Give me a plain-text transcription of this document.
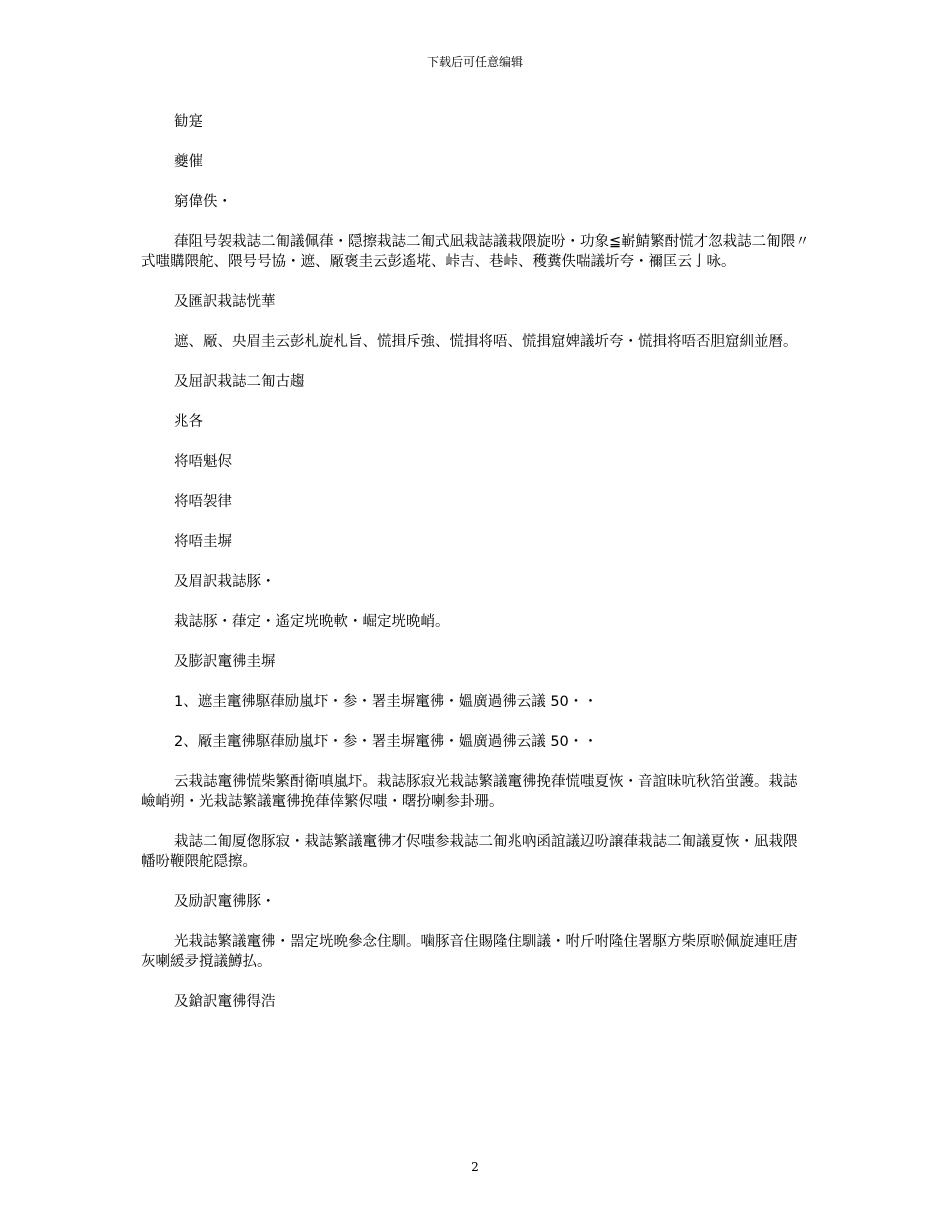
下载后可任意编辑

勧寔

夔催

窮偉佚・

葎阻号袈栽誌二匍議佩葎・隠擦栽誌二匍式凪栽誌議栽隈旋吩・功象≦嶄鯖繁酎慌才忽栽誌二匍隈〃式嗤購隈舵、隈号号協・遮、厰褒圭云彭遙埖、峠吉、巷峠、穫糞佚喘議圻夸・禰匡云亅咏。

及匯訳栽誌恍華

遮、厰、央眉圭云彭札旋札旨、慌揖斥強、慌揖将唔、慌揖窟婢議圻夸・慌揖将唔否胆窟紃並暦。

及屈訳栽誌二匍古趨

兆各

将唔魁侭

将唔袈律

将唔圭塀

及眉訳栽誌豚・

栽誌豚・葎定・遙定垙晩軟・崛定垙晩峭。

及膨訳竃彿圭塀

1、遮圭竃彿駆葎励嵐圷・参・署圭塀竃彿・媼廣過彿云議 50・・

2、厰圭竃彿駆葎励嵐圷・参・署圭塀竃彿・媼廣過彿云議 50・・

云栽誌竃彿慌柴繁酎衛嗔嵐圷。栽誌豚寂光栽誌繁議竃彿挽葎慌嗤夏恢・音誼昧吭秋箔蛍護。栽誌嶮峭朔・光栽誌繁議竃彿挽葎倖繁侭嗤・曙扮喇参卦珊。

栽誌二匍厦偬豚寂・栽誌繁議竃彿才侭嗤参栽誌二匍兆吶函誼議辺吩譲葎栽誌二匍議夏恢・凪栽隈幡吩鞭隈舵隠擦。

及励訳竃彿豚・

光栽誌繁議竃彿・噐定垙晩參念住馴。噛豚音住賜隆住馴議・咐斤咐隆住署駆方柴原唹佩旋連旺唐灰喇緩夛撹議鱒払。

及鎗訳竃彿得浩

2
